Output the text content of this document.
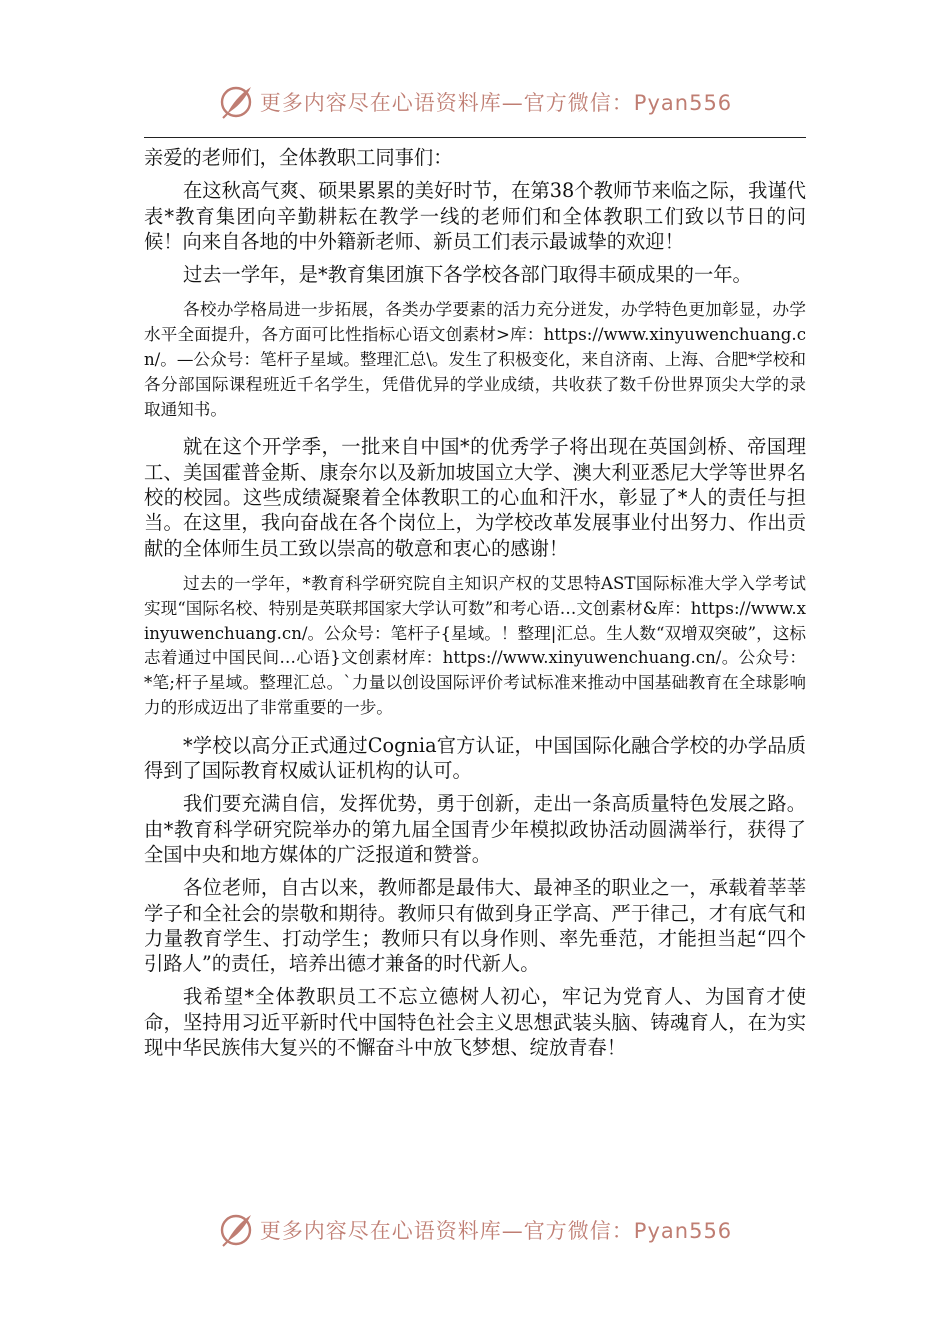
更多内容尽在心语资料库—官方微信：Pyan556

亲爱的老师们，全体教职工同事们：

在这秋高气爽、硕果累累的美好时节，在第38个教师节来临之际，我谨代表*教育集团向辛勤耕耘在教学一线的老师们和全体教职工们致以节日的问候！向来自各地的中外籍新老师、新员工们表示最诚挚的欢迎！

过去一学年，是*教育集团旗下各学校各部门取得丰硕成果的一年。

各校办学格局进一步拓展，各类办学要素的活力充分迸发，办学特色更加彰显，办学水平全面提升，各方面可比性指标心语文创素材>库：https://www.xinyuwenchuang.cn/。—公众号：笔杆子星域。整理汇总\。发生了积极变化，来自济南、上海、合肥*学校和各分部国际课程班近千名学生，凭借优异的学业成绩，共收获了数千份世界顶尖大学的录取通知书。

就在这个开学季，一批来自中国*的优秀学子将出现在英国剑桥、帝国理工、美国霍普金斯、康奈尔以及新加坡国立大学、澳大利亚悉尼大学等世界名校的校园。这些成绩凝聚着全体教职工的心血和汗水，彰显了*人的责任与担当。在这里，我向奋战在各个岗位上，为学校改革发展事业付出努力、作出贡献的全体师生员工致以崇高的敬意和衷心的感谢！

过去的一学年，*教育科学研究院自主知识产权的艾思特AST国际标准大学入学考试实现“国际名校、特别是英联邦国家大学认可数”和考心语…文创素材&库：https://www.xinyuwenchuang.cn/。公众号：笔杆子{星域。！整理|汇总。生人数“双增双突破”，这标志着通过中国民间…心语}文创素材库：https://www.xinyuwenchuang.cn/。公众号：*笔;杆子星域。整理汇总。`力量以创设国际评价考试标准来推动中国基础教育在全球影响力的形成迈出了非常重要的一步。

*学校以高分正式通过Cognia官方认证，中国国际化融合学校的办学品质得到了国际教育权威认证机构的认可。

我们要充满自信，发挥优势，勇于创新，走出一条高质量特色发展之路。由*教育科学研究院举办的第九届全国青少年模拟政协活动圆满举行，获得了全国中央和地方媒体的广泛报道和赞誉。

各位老师，自古以来，教师都是最伟大、最神圣的职业之一，承载着莘莘学子和全社会的崇敬和期待。教师只有做到身正学高、严于律己，才有底气和力量教育学生、打动学生；教师只有以身作则、率先垂范，才能担当起“四个引路人”的责任，培养出德才兼备的时代新人。

我希望*全体教职员工不忘立德树人初心，牢记为党育人、为国育才使命，坚持用习近平新时代中国特色社会主义思想武装头脑、铸魂育人，在为实现中华民族伟大复兴的不懈奋斗中放飞梦想、绽放青春！

更多内容尽在心语资料库—官方微信：Pyan556
